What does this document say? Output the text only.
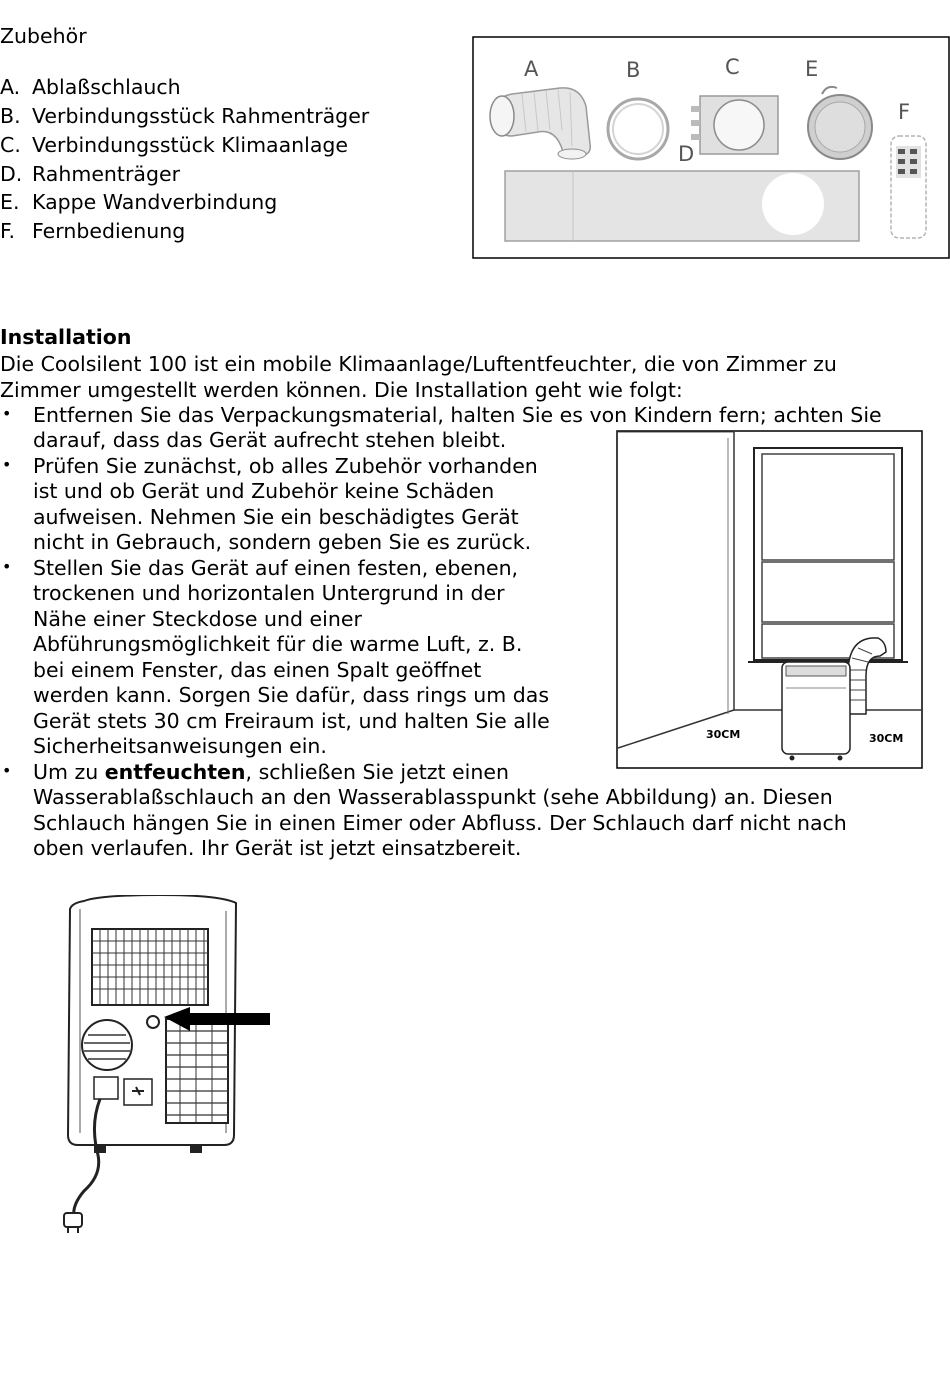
Zubehör
A. Ablaßschlauch
B. Verbindungsstück Rahmenträger
C. Verbindungsstück Klimaanlage
D. Rahmenträger
E. Kappe Wandverbindung
F. Fernbedienung
A	B	C
D
E
F
Installation
Die Coolsilent 100 ist ein mobile Klimaanlage/Luftentfeuchter, die von Zimmer zu
Zimmer umgestellt werden können. Die Installation geht wie folgt:
• Entfernen Sie das Verpackungsmaterial, halten Sie es von Kindern fern; achten Sie
darauf, dass das Gerät aufrecht stehen bleibt.
• Prüfen Sie zunächst, ob alles Zubehör vorhanden
ist und ob Gerät und Zubehör keine Schäden
aufweisen. Nehmen Sie ein beschädigtes Gerät
nicht in Gebrauch, sondern geben Sie es zurück.
• Stellen Sie das Gerät auf einen festen, ebenen,
trockenen und horizontalen Untergrund in der
Nähe einer Steckdose und einer
Abführungsmöglichkeit für die warme Luft, z. B.
bei einem Fenster, das einen Spalt geöffnet
werden kann. Sorgen Sie dafür, dass rings um das
Gerät stets 30 cm Freiraum ist, und halten Sie alle
Sicherheitsanweisungen ein.
• Um zu entfeuchten, schließen Sie jetzt einen
Wasserablaßschlauch an den Wasserablasspunkt (sehe Abbildung) an. Diesen
Schlauch hängen Sie in einen Eimer oder Abfluss. Der Schlauch darf nicht nach
oben verlaufen. Ihr Gerät ist jetzt einsatzbereit.
30CM	30CM
